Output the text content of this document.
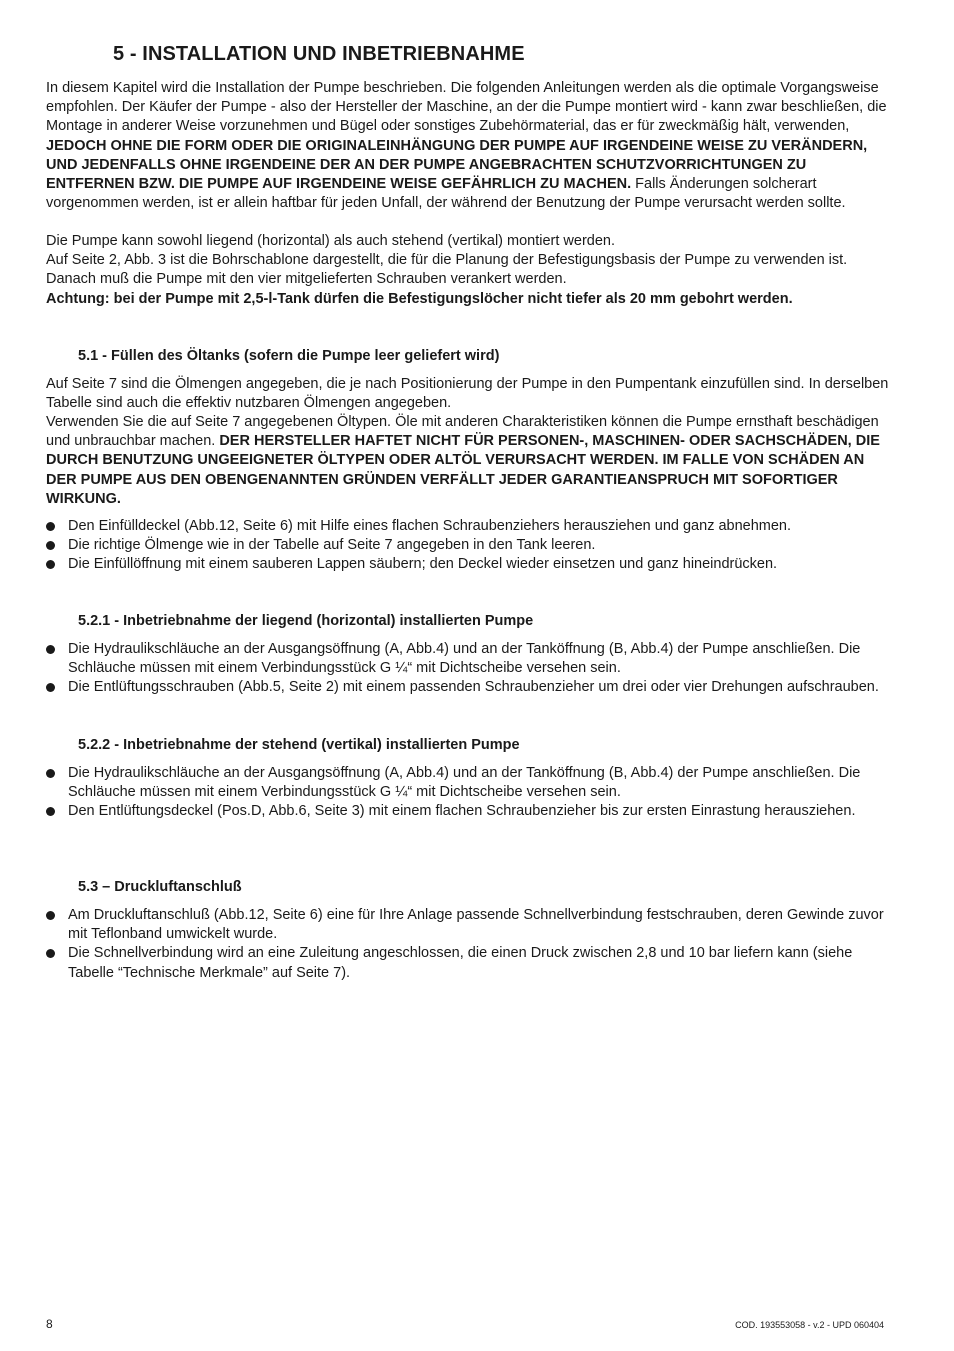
5 - INSTALLATION UND INBETRIEBNAHME

In diesem Kapitel wird die Installation der Pumpe beschrieben. Die folgenden Anleitungen werden als die optimale Vorgangsweise empfohlen. Der Käufer der Pumpe - also der Hersteller der Maschine, an der die Pumpe montiert wird - kann zwar beschließen, die Montage in anderer Weise vorzunehmen und Bügel oder sonstiges Zubehörmaterial, das er für zweckmäßig hält, verwenden, JEDOCH OHNE DIE FORM ODER DIE ORIGINALEINHÄNGUNG DER PUMPE AUF IRGENDEINE WEISE ZU VERÄNDERN, UND JEDENFALLS OHNE IRGENDEINE DER AN DER PUMPE ANGEBRACHTEN SCHUTZVORRICHTUNGEN ZU ENTFERNEN BZW. DIE PUMPE AUF IRGENDEINE WEISE GEFÄHRLICH ZU MACHEN. Falls Änderungen solcherart vorgenommen werden, ist er allein haftbar für jeden Unfall, der während der Benutzung der Pumpe verursacht werden sollte.

Die Pumpe kann sowohl liegend (horizontal) als auch stehend (vertikal) montiert werden.

Auf Seite 2, Abb. 3 ist die Bohrschablone dargestellt, die für die Planung der Befestigungsbasis der Pumpe zu verwenden ist. Danach muß die Pumpe mit den vier mitgelieferten Schrauben verankert werden.

Achtung: bei der Pumpe mit 2,5-l-Tank dürfen die Befestigungslöcher nicht tiefer als 20 mm gebohrt werden.

5.1 - Füllen des Öltanks (sofern die Pumpe leer geliefert wird)

Auf Seite 7 sind die Ölmengen angegeben, die je nach Positionierung der Pumpe in den Pumpentank einzufüllen sind. In derselben Tabelle sind auch die effektiv nutzbaren Ölmengen angegeben.

Verwenden Sie die auf Seite 7 angegebenen Öltypen. Öle mit anderen Charakteristiken können die Pumpe ernsthaft beschädigen und unbrauchbar machen. DER HERSTELLER HAFTET NICHT FÜR PERSONEN-, MASCHINEN- ODER SACHSCHÄDEN, DIE DURCH BENUTZUNG UNGEEIGNETER ÖLTYPEN ODER ALTÖL VERURSACHT WERDEN. IM FALLE VON SCHÄDEN AN DER PUMPE AUS DEN OBENGENANNTEN GRÜNDEN VERFÄLLT JEDER GARANTIEANSPRUCH MIT SOFORTIGER WIRKUNG.

Den Einfülldeckel (Abb.12, Seite 6) mit Hilfe eines flachen Schraubenziehers herausziehen und ganz abnehmen.
Die richtige Ölmenge wie in der Tabelle auf Seite 7 angegeben in den Tank leeren.
Die Einfüllöffnung mit einem sauberen Lappen säubern; den Deckel wieder einsetzen und ganz hineindrücken.
5.2.1 - Inbetriebnahme der liegend (horizontal) installierten Pumpe
Die Hydraulikschläuche an der Ausgangsöffnung (A, Abb.4) und an der Tanköffnung (B, Abb.4) der Pumpe anschließen. Die Schläuche müssen mit einem Verbindungsstück G ¼“ mit Dichtscheibe versehen sein.
Die Entlüftungsschrauben (Abb.5, Seite 2) mit einem passenden Schraubenzieher um drei oder vier Drehungen aufschrauben.
5.2.2 - Inbetriebnahme der stehend (vertikal) installierten Pumpe
Die Hydraulikschläuche an der Ausgangsöffnung (A, Abb.4) und an der Tanköffnung (B, Abb.4) der Pumpe anschließen. Die Schläuche müssen mit einem Verbindungsstück G ¼“ mit Dichtscheibe versehen sein.
Den Entlüftungsdeckel (Pos.D, Abb.6, Seite 3) mit einem flachen Schraubenzieher bis zur ersten Einrastung herausziehen.
5.3 – Druckluftanschluß
Am Druckluftanschluß (Abb.12, Seite 6) eine für Ihre Anlage passende Schnellverbindung festschrauben, deren Gewinde zuvor mit Teflonband umwickelt wurde.
Die Schnellverbindung wird an eine Zuleitung angeschlossen, die einen Druck zwischen 2,8 und 10 bar liefern kann (siehe Tabelle “Technische Merkmale” auf Seite 7).
8	COD. 193553058 - v.2 - UPD 060404
